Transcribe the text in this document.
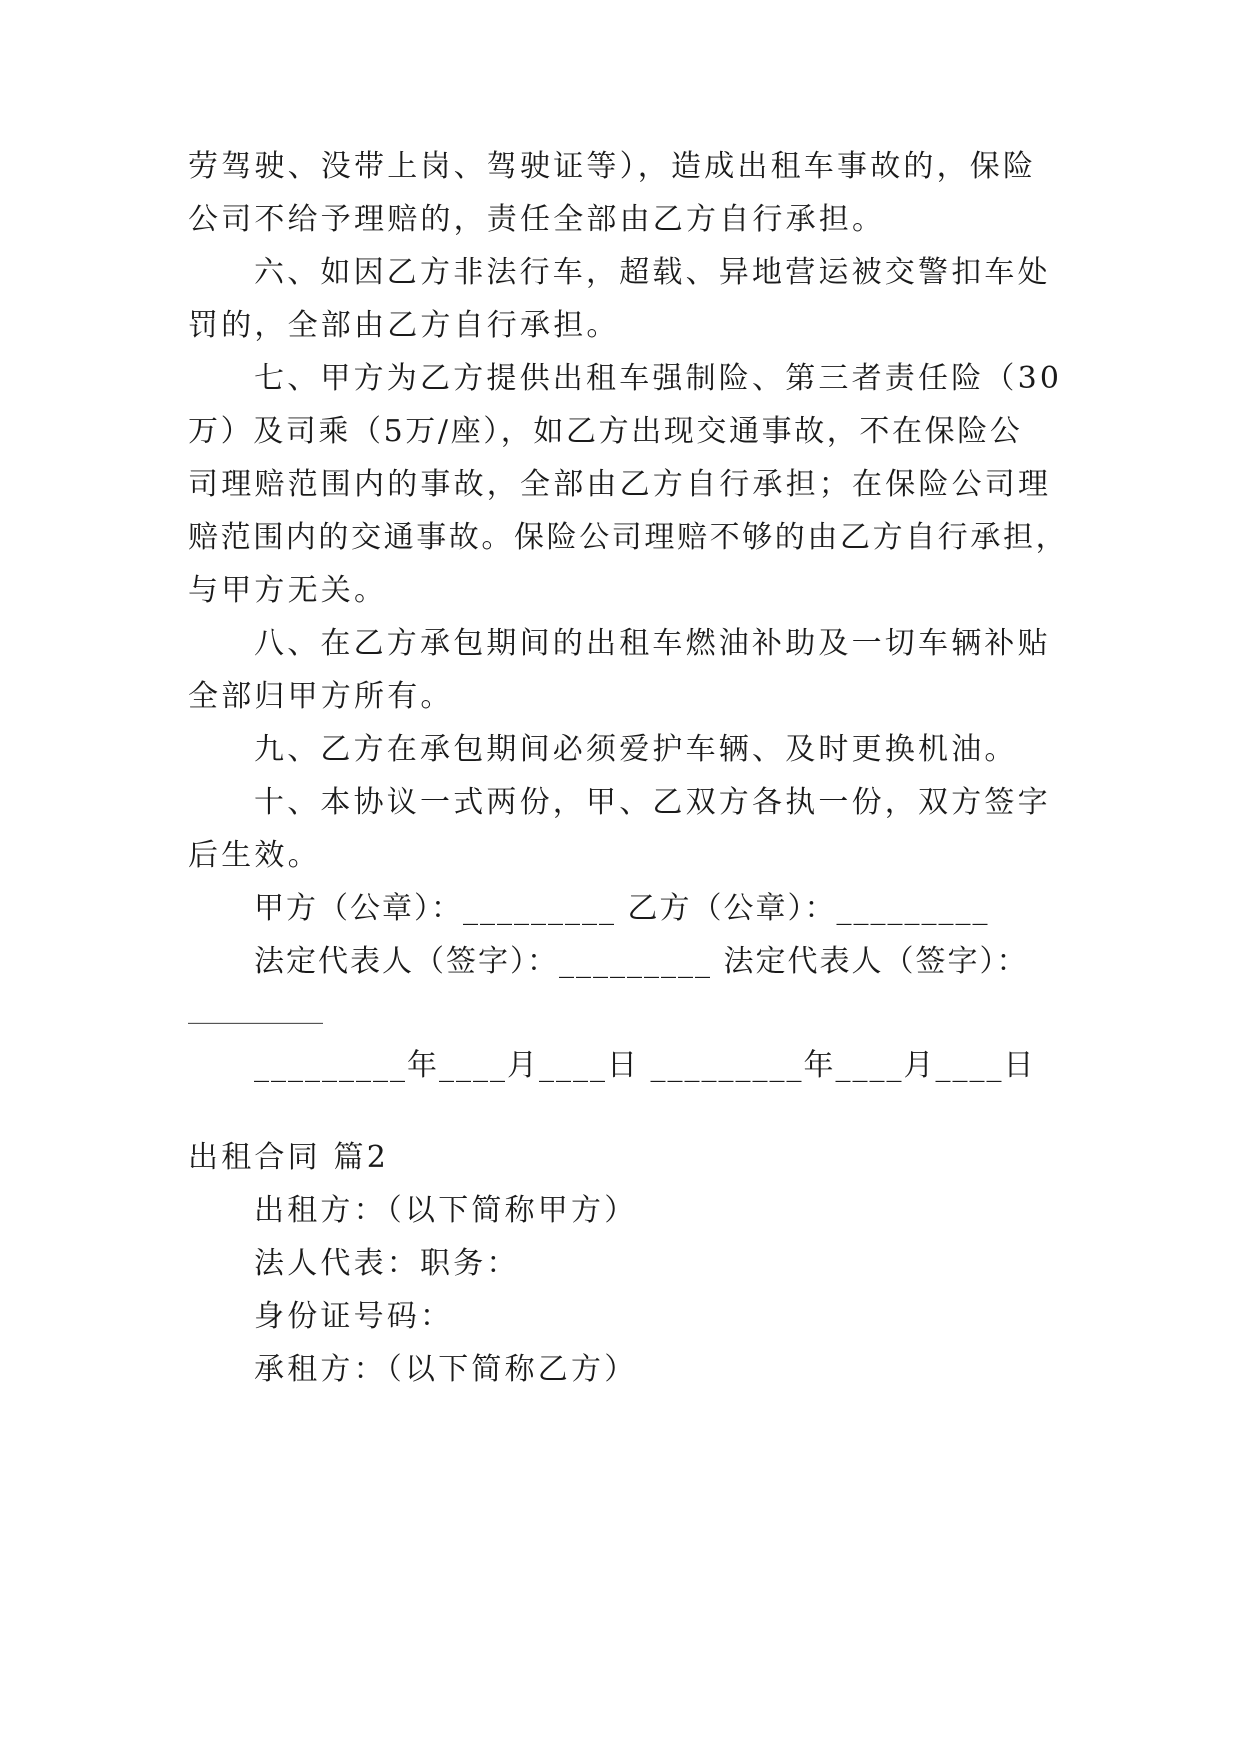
劳驾驶、没带上岗、驾驶证等），造成出租车事故的，保险
公司不给予理赔的，责任全部由乙方自行承担。
六、如因乙方非法行车，超载、异地营运被交警扣车处
罚的，全部由乙方自行承担。
七、甲方为乙方提供出租车强制险、第三者责任险（30
万）及司乘（5万/座），如乙方出现交通事故，不在保险公
司理赔范围内的事故，全部由乙方自行承担；在保险公司理
赔范围内的交通事故。保险公司理赔不够的由乙方自行承担，
与甲方无关。
八、在乙方承包期间的出租车燃油补助及一切车辆补贴
全部归甲方所有。
九、乙方在承包期间必须爱护车辆、及时更换机油。
十、本协议一式两份，甲、乙双方各执一份，双方签字
后生效。
甲方（公章）：_________ 乙方（公章）：_________
法定代表人（签字）：_________ 法定代表人（签字）：
_________
_________年____月____日 _________年____月____日
出租合同 篇2
出租方：（以下简称甲方）
法人代表：职务：
身份证号码：
承租方：（以下简称乙方）
